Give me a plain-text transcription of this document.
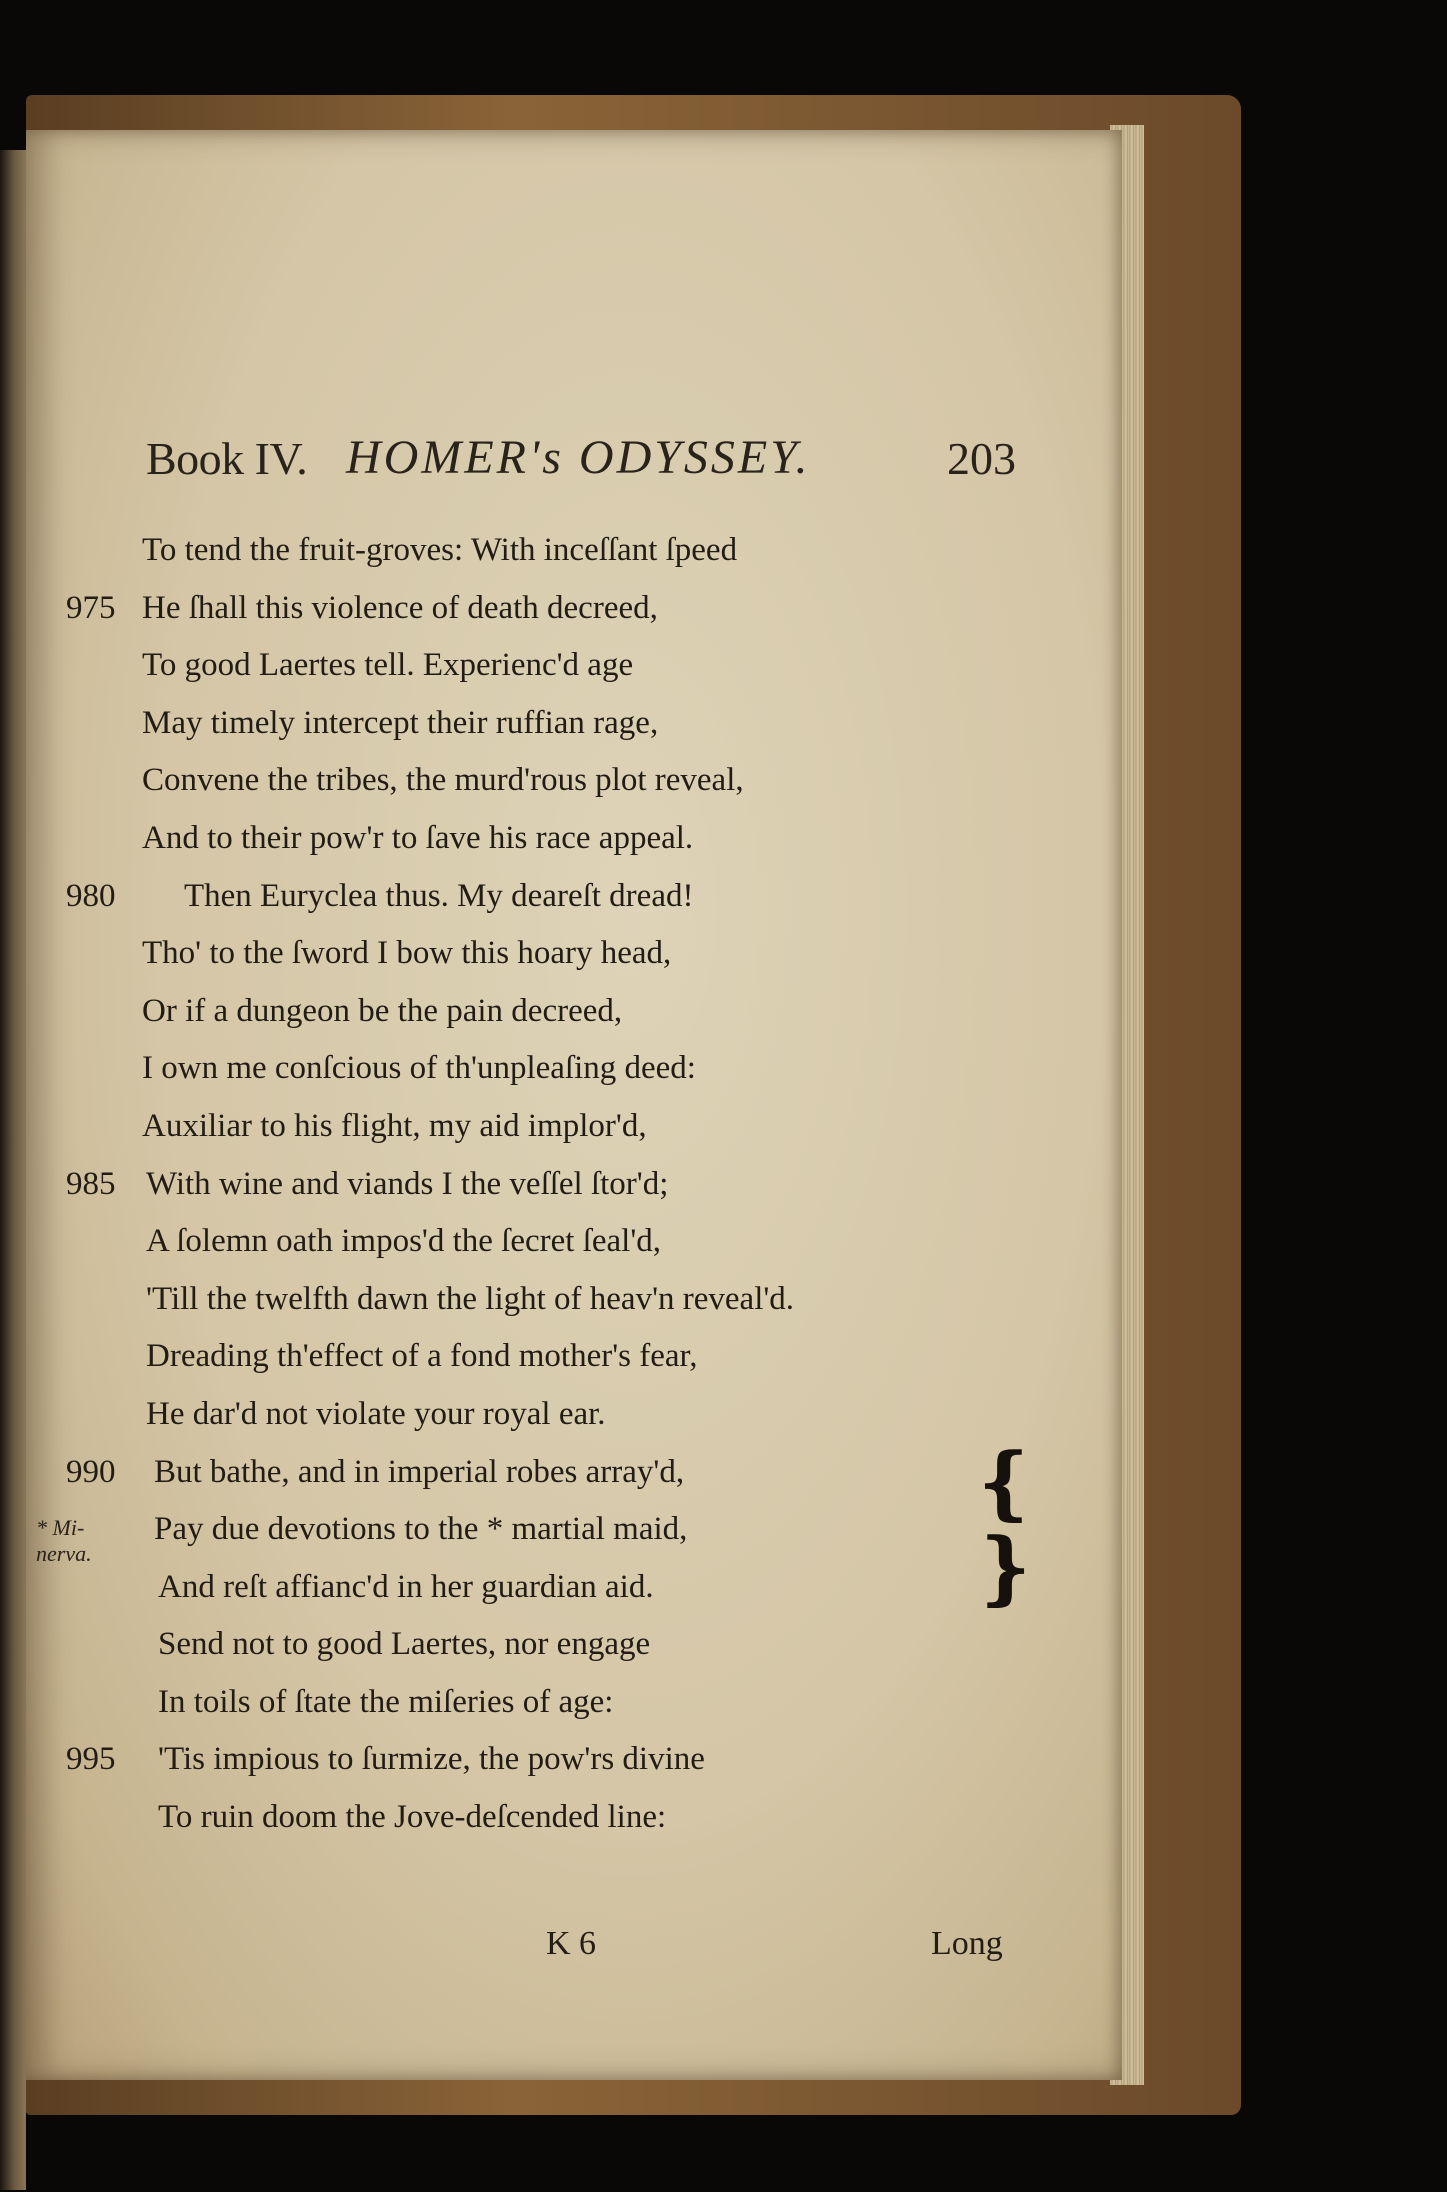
Book IV. HOMER's ODYSSEY.	203
To tend the fruit-groves: With inceſſant ſpeed
975 He ſhall this violence of death decreed,
To good Laertes tell. Experienc'd age
May timely intercept their ruffian rage,
Convene the tribes, the murd'rous plot reveal,
And to their pow'r to ſave his race appeal.
980	Then Euryclea thus. My deareſt dread!
Tho' to the ſword I bow this hoary head,
Or if a dungeon be the pain decreed,
I own me conſcious of th'unpleaſing deed:
Auxiliar to his flight, my aid implor'd,
985 With wine and viands I the veſſel ſtor'd;
A ſolemn oath impos'd the ſecret ſeal'd,
'Till the twelfth dawn the light of heav'n reveal'd.
Dreading th'effect of a fond mother's fear,
He dar'd not violate your royal ear.
990	But bathe, and in imperial robes array'd,
Pay due devotions to the * martial maid,
And reſt affianc'd in her guardian aid.
Send not to good Laertes, nor engage
In toils of ſtate the miſeries of age:
995	'Tis impious to ſurmize, the pow'rs divine
To ruin doom the Jove-deſcended line:
* Mi-
nerva.
❴
❵
K 6	Long
